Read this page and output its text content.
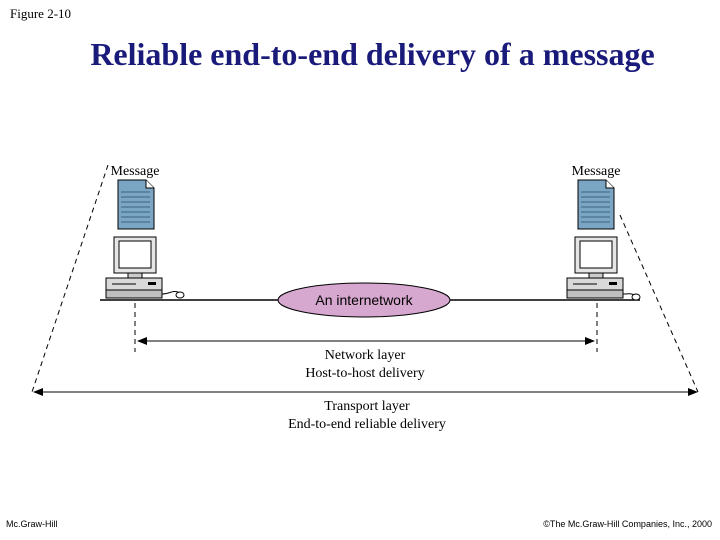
Figure 2-10
Reliable end-to-end delivery of a message
An internetwork
Message	Message
Network layer
Host-to-host delivery
Transport layer
End-to-end reliable delivery
Mc.Graw-Hill	©The Mc.Graw-Hill Companies, Inc., 2000
